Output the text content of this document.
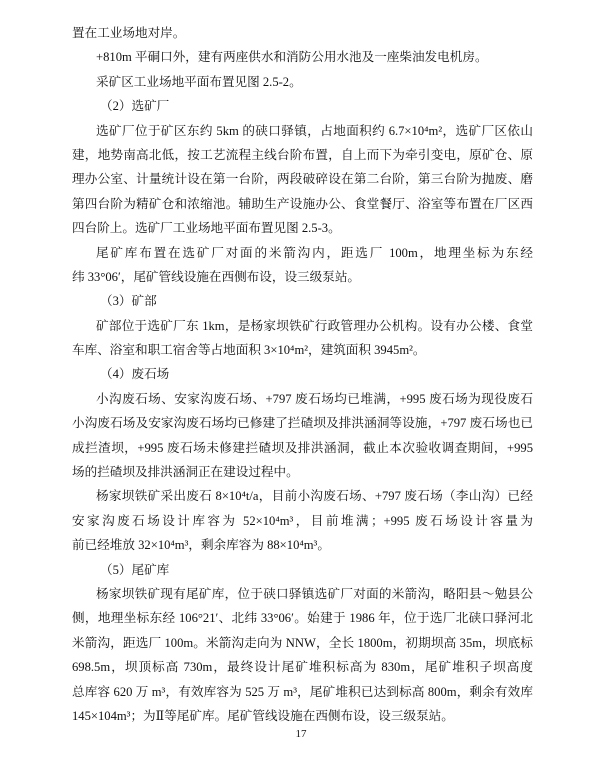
置在工业场地对岸。
+810m 平硐口外，建有两座供水和消防公用水池及一座柴油发电机房。
采矿区工业场地平面布置见图 2.5-2。
（2）选矿厂
选矿厂位于矿区东约 5km 的硖口驿镇，占地面积约 6.7×10⁴m²，选矿厂区依山
建，地势南高北低，按工艺流程主线台阶布置，自上而下为牵引变电，原矿仓、原
理办公室、计量统计设在第一台阶，两段破碎设在第二台阶，第三台阶为抛废、磨
第四台阶为精矿仓和浓缩池。辅助生产设施办公、食堂餐厅、浴室等布置在厂区西
四台阶上。选矿厂工业场地平面布置见图 2.5-3。
尾矿库布置在选矿厂对面的米箭沟内，距选厂 100m，地理坐标为东经
纬 33°06′，尾矿管线设施在西侧布设，设三级泵站。
（3）矿部
矿部位于选矿厂东 1km，是杨家坝铁矿行政管理办公机构。设有办公楼、食堂
车库、浴室和职工宿舍等占地面积 3×10⁴m²，建筑面积 3945m²。
（4）废石场
小沟废石场、安家沟废石场、+797 废石场均已堆满，+995 废石场为现役废石
小沟废石场及安家沟废石场均已修建了拦碴坝及排洪涵洞等设施，+797 废石场也已
成拦渣坝，+995 废石场未修建拦碴坝及排洪涵洞，截止本次验收调查期间，+995
场的拦碴坝及排洪涵洞正在建设过程中。
杨家坝铁矿采出废石 8×10⁴t/a，目前小沟废石场、+797 废石场（李山沟）已经
安家沟废石场设计库容为 52×10⁴m³，目前堆满；+995 废石场设计容量为
前已经堆放 32×10⁴m³，剩余库容为 88×10⁴m³。
（5）尾矿库
杨家坝铁矿现有尾矿库，位于硖口驿镇选矿厂对面的米箭沟，略阳县～勉县公
侧，地理坐标东经 106°21′、北纬 33°06′。始建于 1986 年，位于选厂北硖口驿河北
米箭沟，距选厂 100m。米箭沟走向为 NNW，全长 1800m，初期坝高 35m，坝底标
698.5m，坝顶标高 730m，最终设计尾矿堆积标高为 830m，尾矿堆积子坝高度
总库容 620 万 m³，有效库容为 525 万 m³，尾矿堆积已达到标高 800m，剩余有效库
145×104m³；为Ⅱ等尾矿库。尾矿管线设施在西侧布设，设三级泵站。
17
